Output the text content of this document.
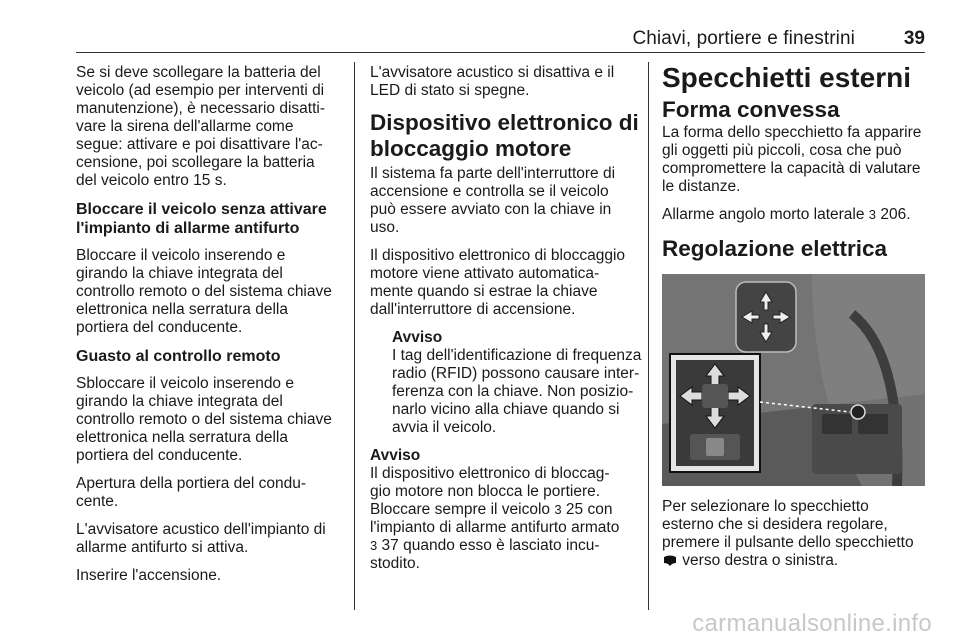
Chiavi, portiere e finestrini	39

Se si deve scollegare la batteria del
veicolo (ad esempio per interventi di
manutenzione), è necessario disatti-
vare la sirena dell'allarme come
segue: attivare e poi disattivare l'ac-
censione, poi scollegare la batteria
del veicolo entro 15 s.

Bloccare il veicolo senza attivare
l'impianto di allarme antifurto

Bloccare il veicolo inserendo e
girando la chiave integrata del
controllo remoto o del sistema chiave
elettronica nella serratura della
portiera del conducente.

Guasto al controllo remoto

Sbloccare il veicolo inserendo e
girando la chiave integrata del
controllo remoto o del sistema chiave
elettronica nella serratura della
portiera del conducente.

Apertura della portiera del condu-
cente.

L'avvisatore acustico dell'impianto di
allarme antifurto si attiva.

Inserire l'accensione.

L'avvisatore acustico si disattiva e il
LED di stato si spegne.

Dispositivo elettronico di
bloccaggio motore

Il sistema fa parte dell'interruttore di
accensione e controlla se il veicolo
può essere avviato con la chiave in
uso.

Il dispositivo elettronico di bloccaggio
motore viene attivato automatica-
mente quando si estrae la chiave
dall'interruttore di accensione.

Avviso
I tag dell'identificazione di frequenza
radio (RFID) possono causare inter-
ferenza con la chiave. Non posizio-
narlo vicino alla chiave quando si
avvia il veicolo.
Avviso
Il dispositivo elettronico di bloccag-
gio motore non blocca le portiere.
Bloccare sempre il veicolo 3 25 con
l'impianto di allarme antifurto armato
3 37 quando esso è lasciato incu-
stodito.
Specchietti esterni
Forma convessa

La forma dello specchietto fa apparire
gli oggetti più piccoli, cosa che può
compromettere la capacità di valutare
le distanze.

Allarme angolo morto laterale 3 206.

Regolazione elettrica

Per selezionare lo specchietto
esterno che si desidera regolare,
premere il pulsante dello specchietto
verso destra o sinistra.

carmanualsonline.info
